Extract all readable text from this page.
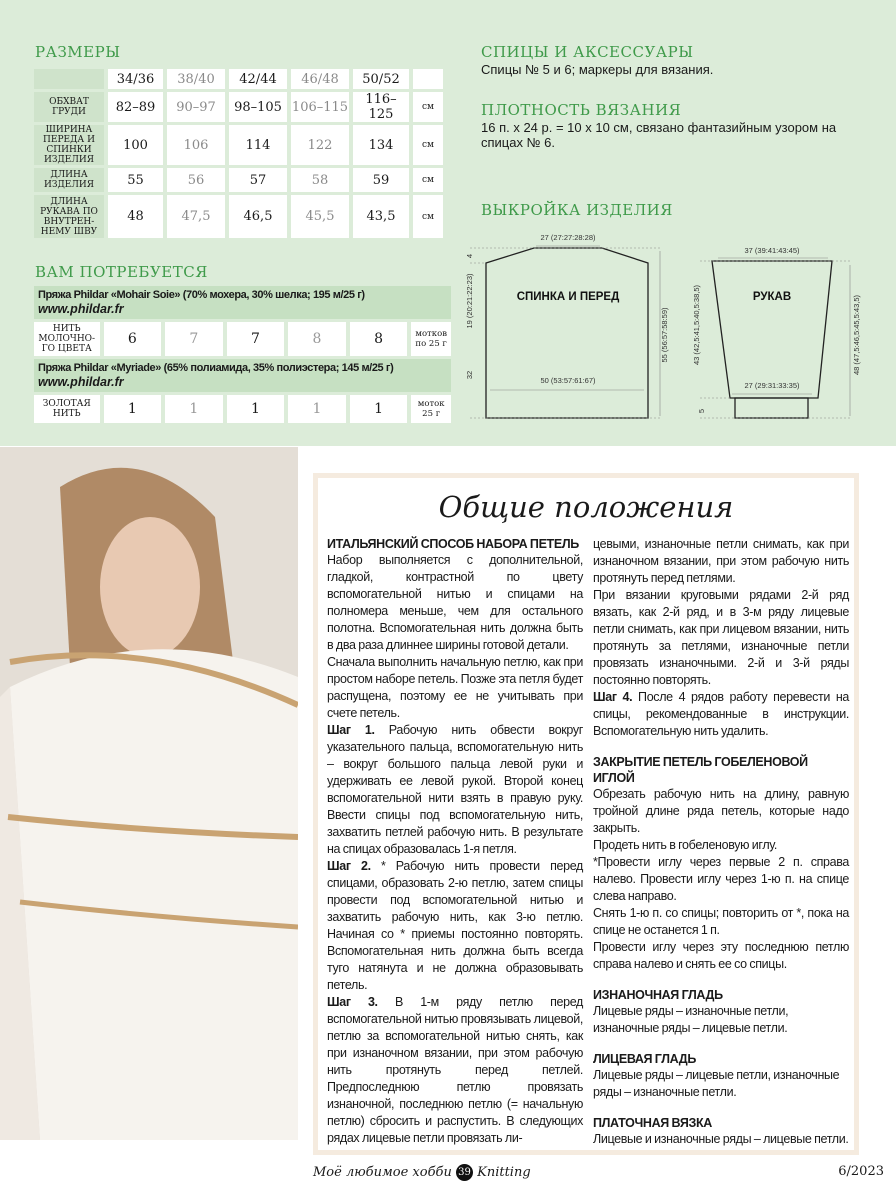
РАЗМЕРЫ
	34/36	38/40	42/44	46/48	50/52	
ОБХВАТ ГРУДИ	82–89	90–97	98–105	106–115	116–125	см
ШИРИНА ПЕРЕДА И СПИНКИ ИЗДЕЛИЯ	100	106	114	122	134	см
ДЛИНА ИЗДЕЛИЯ	55	56	57	58	59	см
ДЛИНА РУКАВА ПО ВНУТРЕН-НЕМУ ШВУ	48	47,5	46,5	45,5	43,5	см
СПИЦЫ И АКСЕССУАРЫ
Спицы № 5 и 6; маркеры для вязания.
ПЛОТНОСТЬ ВЯЗАНИЯ
16 п. х 24 р. = 10 х 10 см, связано фантазийным узором на спицах № 6.
ВЫКРОЙКА ИЗДЕЛИЯ
27 (27:27:28:28)
50 (53:57:61:67)
СПИНКА И ПЕРЕД
55 (56:57:58:59)
4
19 (20:21:22:23)
32
37 (39:41:43:45)
27 (29:31:33:35)
РУКАВ
43 (42,5:41,5:40,5:38,5)	48 (47,5:46,5:45,5:43,5)
5
ВАМ ПОТРЕБУЕТСЯ
Пряжа Phildar «Mohair Soie» (70% мохера, 30% шелка; 195 м/25 г)
www.phildar.fr
НИТЬ МОЛОЧНО-ГО ЦВЕТА
6	7	7	8	8	мотков по 25 г
Пряжа Phildar «Myriade» (65% полиамида, 35% полиэстера; 145 м/25 г)
www.phildar.fr
ЗОЛОТАЯ НИТЬ	1	1	1	1	1	моток 25 г
Общие положения
ИТАЛЬЯНСКИЙ СПОСОБ НАБОРА ПЕТЕЛЬ

Набор выполняется с дополнительной, гладкой, контрастной по цвету вспомогательной нитью и спицами на полномера меньше, чем для остального полотна. Вспомогательная нить должна быть в два раза длиннее ширины готовой детали.

Сначала выполнить начальную петлю, как при простом наборе петель. Позже эта петля будет распущена, поэтому ее не учитывать при счете петель.

Шаг 1. Рабочую нить обвести вокруг указательного пальца, вспомогательную нить – вокруг большого пальца левой руки и удерживать ее левой рукой. Второй конец вспомогательной нити взять в правую руку. Ввести спицы под вспомогательную нить, захватить петлей рабочую нить. В результате на спицах образовалась 1-я петля.

Шаг 2. * Рабочую нить провести перед спицами, образовать 2-ю петлю, затем спицы провести под вспомогательной нитью и захватить рабочую нить, как 3-ю петлю. Начиная со * приемы постоянно повторять. Вспомогательная нить должна быть всегда туго натянута и не должна образовывать петель.

Шаг 3. В 1-м ряду петлю перед вспомогательной нитью провязывать лицевой, петлю за вспомогательной нитью снять, как при изнаночном вязании, при этом рабочую нить протянуть перед петлей. Предпоследнюю петлю провязать изнаночной, последнюю петлю (= начальную петлю) сбросить и распустить. В следующих рядах лицевые петли провязать ли-

цевыми, изнаночные петли снимать, как при изнаночном вязании, при этом рабочую нить протянуть перед петлями.

При вязании круговыми рядами 2-й ряд вязать, как 2-й ряд, и в 3-м ряду лицевые петли снимать, как при лицевом вязании, нить протянуть за петлями, изнаночные петли провязать изнаночными. 2-й и 3-й ряды постоянно повторять.

Шаг 4. После 4 рядов работу перевести на спицы, рекомендованные в инструкции. Вспомогательную нить удалить.

ЗАКРЫТИЕ ПЕТЕЛЬ ГОБЕЛЕНОВОЙ ИГЛОЙ

Обрезать рабочую нить на длину, равную тройной длине ряда петель, которые надо закрыть.

Продеть нить в гобеленовую иглу.

*Провести иглу через первые 2 п. справа налево. Провести иглу через 1-ю п. на спице слева направо.

Снять 1-ю п. со спицы; повторить от *, пока на спице не останется 1 п.

Провести иглу через эту последнюю петлю справа налево и снять ее со спицы.

ИЗНАНОЧНАЯ ГЛАДЬ

Лицевые ряды – изнаночные петли, изнаночные ряды – лицевые петли.

ЛИЦЕВАЯ ГЛАДЬ

Лицевые ряды – лицевые петли, изнаночные ряды – изнаночные петли.

ПЛАТОЧНАЯ ВЯЗКА

Лицевые и изнаночные ряды – лицевые петли.

Моё любимое хобби 39 Knitting	6/2023
